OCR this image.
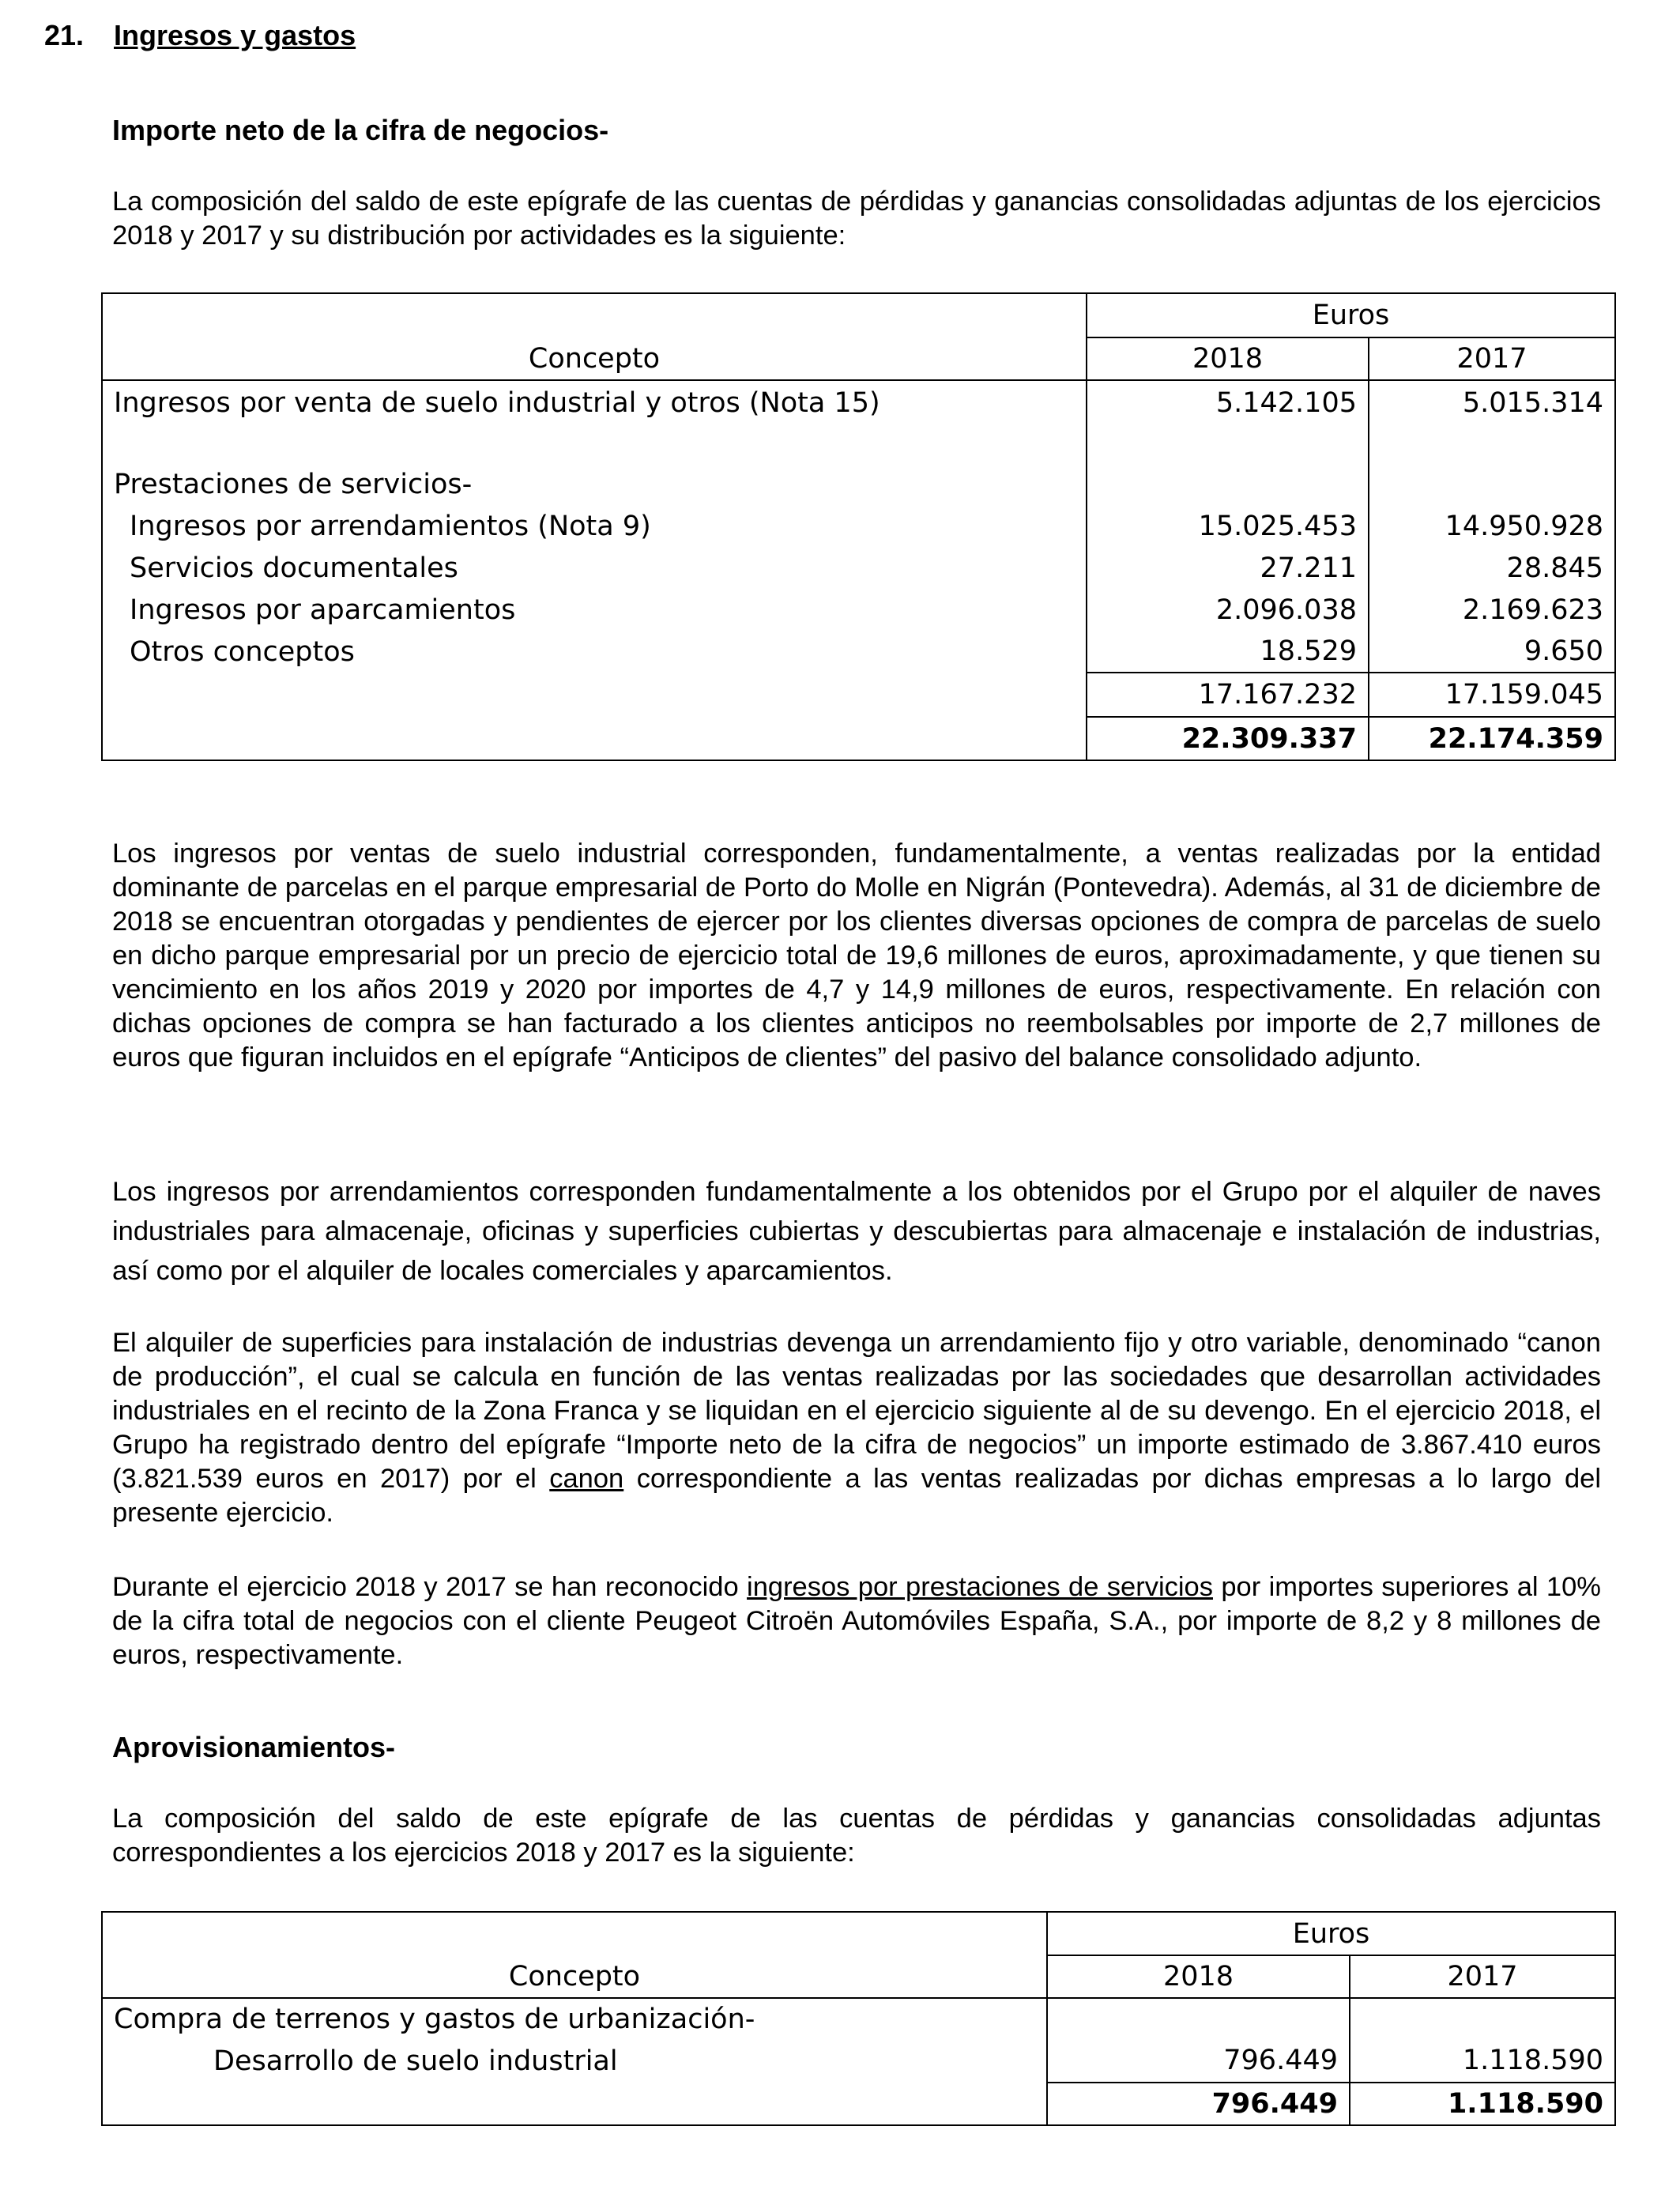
21. Ingresos y gastos
Importe neto de la cifra de negocios-

La composición del saldo de este epígrafe de las cuentas de pérdidas y ganancias consolidadas adjuntas de los ejercicios 2018 y 2017 y su distribución por actividades es la siguiente:

	Euros	
Concepto	2018	2017
Ingresos por venta de suelo industrial y otros (Nota 15)	5.142.105	5.015.314

Prestaciones de servicios-		
Ingresos por arrendamientos (Nota 9)	15.025.453	14.950.928
Servicios documentales	27.211	28.845
Ingresos por aparcamientos	2.096.038	2.169.623
Otros conceptos	18.529	9.650
	17.167.232	17.159.045
	22.309.337	22.174.359

Los ingresos por ventas de suelo industrial corresponden, fundamentalmente, a ventas realizadas por la entidad dominante de parcelas en el parque empresarial de Porto do Molle en Nigrán (Pontevedra). Además, al 31 de diciembre de 2018 se encuentran otorgadas y pendientes de ejercer por los clientes diversas opciones de compra de parcelas de suelo en dicho parque empresarial por un precio de ejercicio total de 19,6 millones de euros, aproximadamente, y que tienen su vencimiento en los años 2019 y 2020 por importes de 4,7 y 14,9 millones de euros, respectivamente. En relación con dichas opciones de compra se han facturado a los clientes anticipos no reembolsables por importe de 2,7 millones de euros que figuran incluidos en el epígrafe “Anticipos de clientes” del pasivo del balance consolidado adjunto.

Los ingresos por arrendamientos corresponden fundamentalmente a los obtenidos por el Grupo por el alquiler de naves industriales para almacenaje, oficinas y superficies cubiertas y descubiertas para almacenaje e instalación de industrias, así como por el alquiler de locales comerciales y aparcamientos.

El alquiler de superficies para instalación de industrias devenga un arrendamiento fijo y otro variable, denominado “canon de producción”, el cual se calcula en función de las ventas realizadas por las sociedades que desarrollan actividades industriales en el recinto de la Zona Franca y se liquidan en el ejercicio siguiente al de su devengo. En el ejercicio 2018, el Grupo ha registrado dentro del epígrafe “Importe neto de la cifra de negocios” un importe estimado de 3.867.410 euros (3.821.539 euros en 2017) por el canon correspondiente a las ventas realizadas por dichas empresas a lo largo del presente ejercicio.

Durante el ejercicio 2018 y 2017 se han reconocido ingresos por prestaciones de servicios por importes superiores al 10% de la cifra total de negocios con el cliente Peugeot Citroën Automóviles España, S.A., por importe de 8,2 y 8 millones de euros, respectivamente.

Aprovisionamientos-

La composición del saldo de este epígrafe de las cuentas de pérdidas y ganancias consolidadas adjuntas correspondientes a los ejercicios 2018 y 2017 es la siguiente:

	Euros	
Concepto	2018	2017
Compra de terrenos y gastos de urbanización-		
Desarrollo de suelo industrial	796.449	1.118.590
	796.449	1.118.590
